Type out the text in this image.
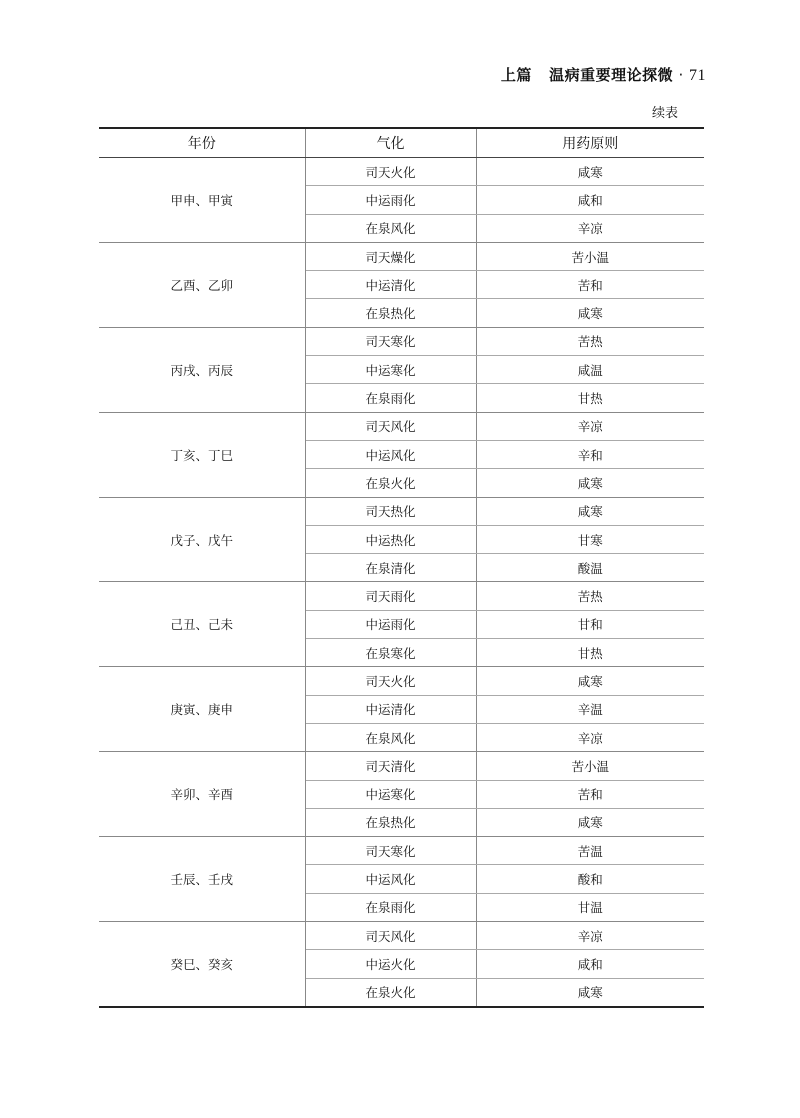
上篇 温病重要理论探微 · 71
续表
年份	气化	用药原则
甲申、甲寅	司天火化	咸寒
	中运雨化	咸和
	在泉风化	辛凉
乙酉、乙卯	司天燥化	苦小温
	中运清化	苦和
	在泉热化	咸寒
丙戌、丙辰	司天寒化	苦热
	中运寒化	咸温
	在泉雨化	甘热
丁亥、丁巳	司天风化	辛凉
	中运风化	辛和
	在泉火化	咸寒
戊子、戊午	司天热化	咸寒
	中运热化	甘寒
	在泉清化	酸温
己丑、己未	司天雨化	苦热
	中运雨化	甘和
	在泉寒化	甘热
庚寅、庚申	司天火化	咸寒
	中运清化	辛温
	在泉风化	辛凉
辛卯、辛酉	司天清化	苦小温
	中运寒化	苦和
	在泉热化	咸寒
壬辰、壬戌	司天寒化	苦温
	中运风化	酸和
	在泉雨化	甘温
癸巳、癸亥	司天风化	辛凉
	中运火化	咸和
	在泉火化	咸寒
